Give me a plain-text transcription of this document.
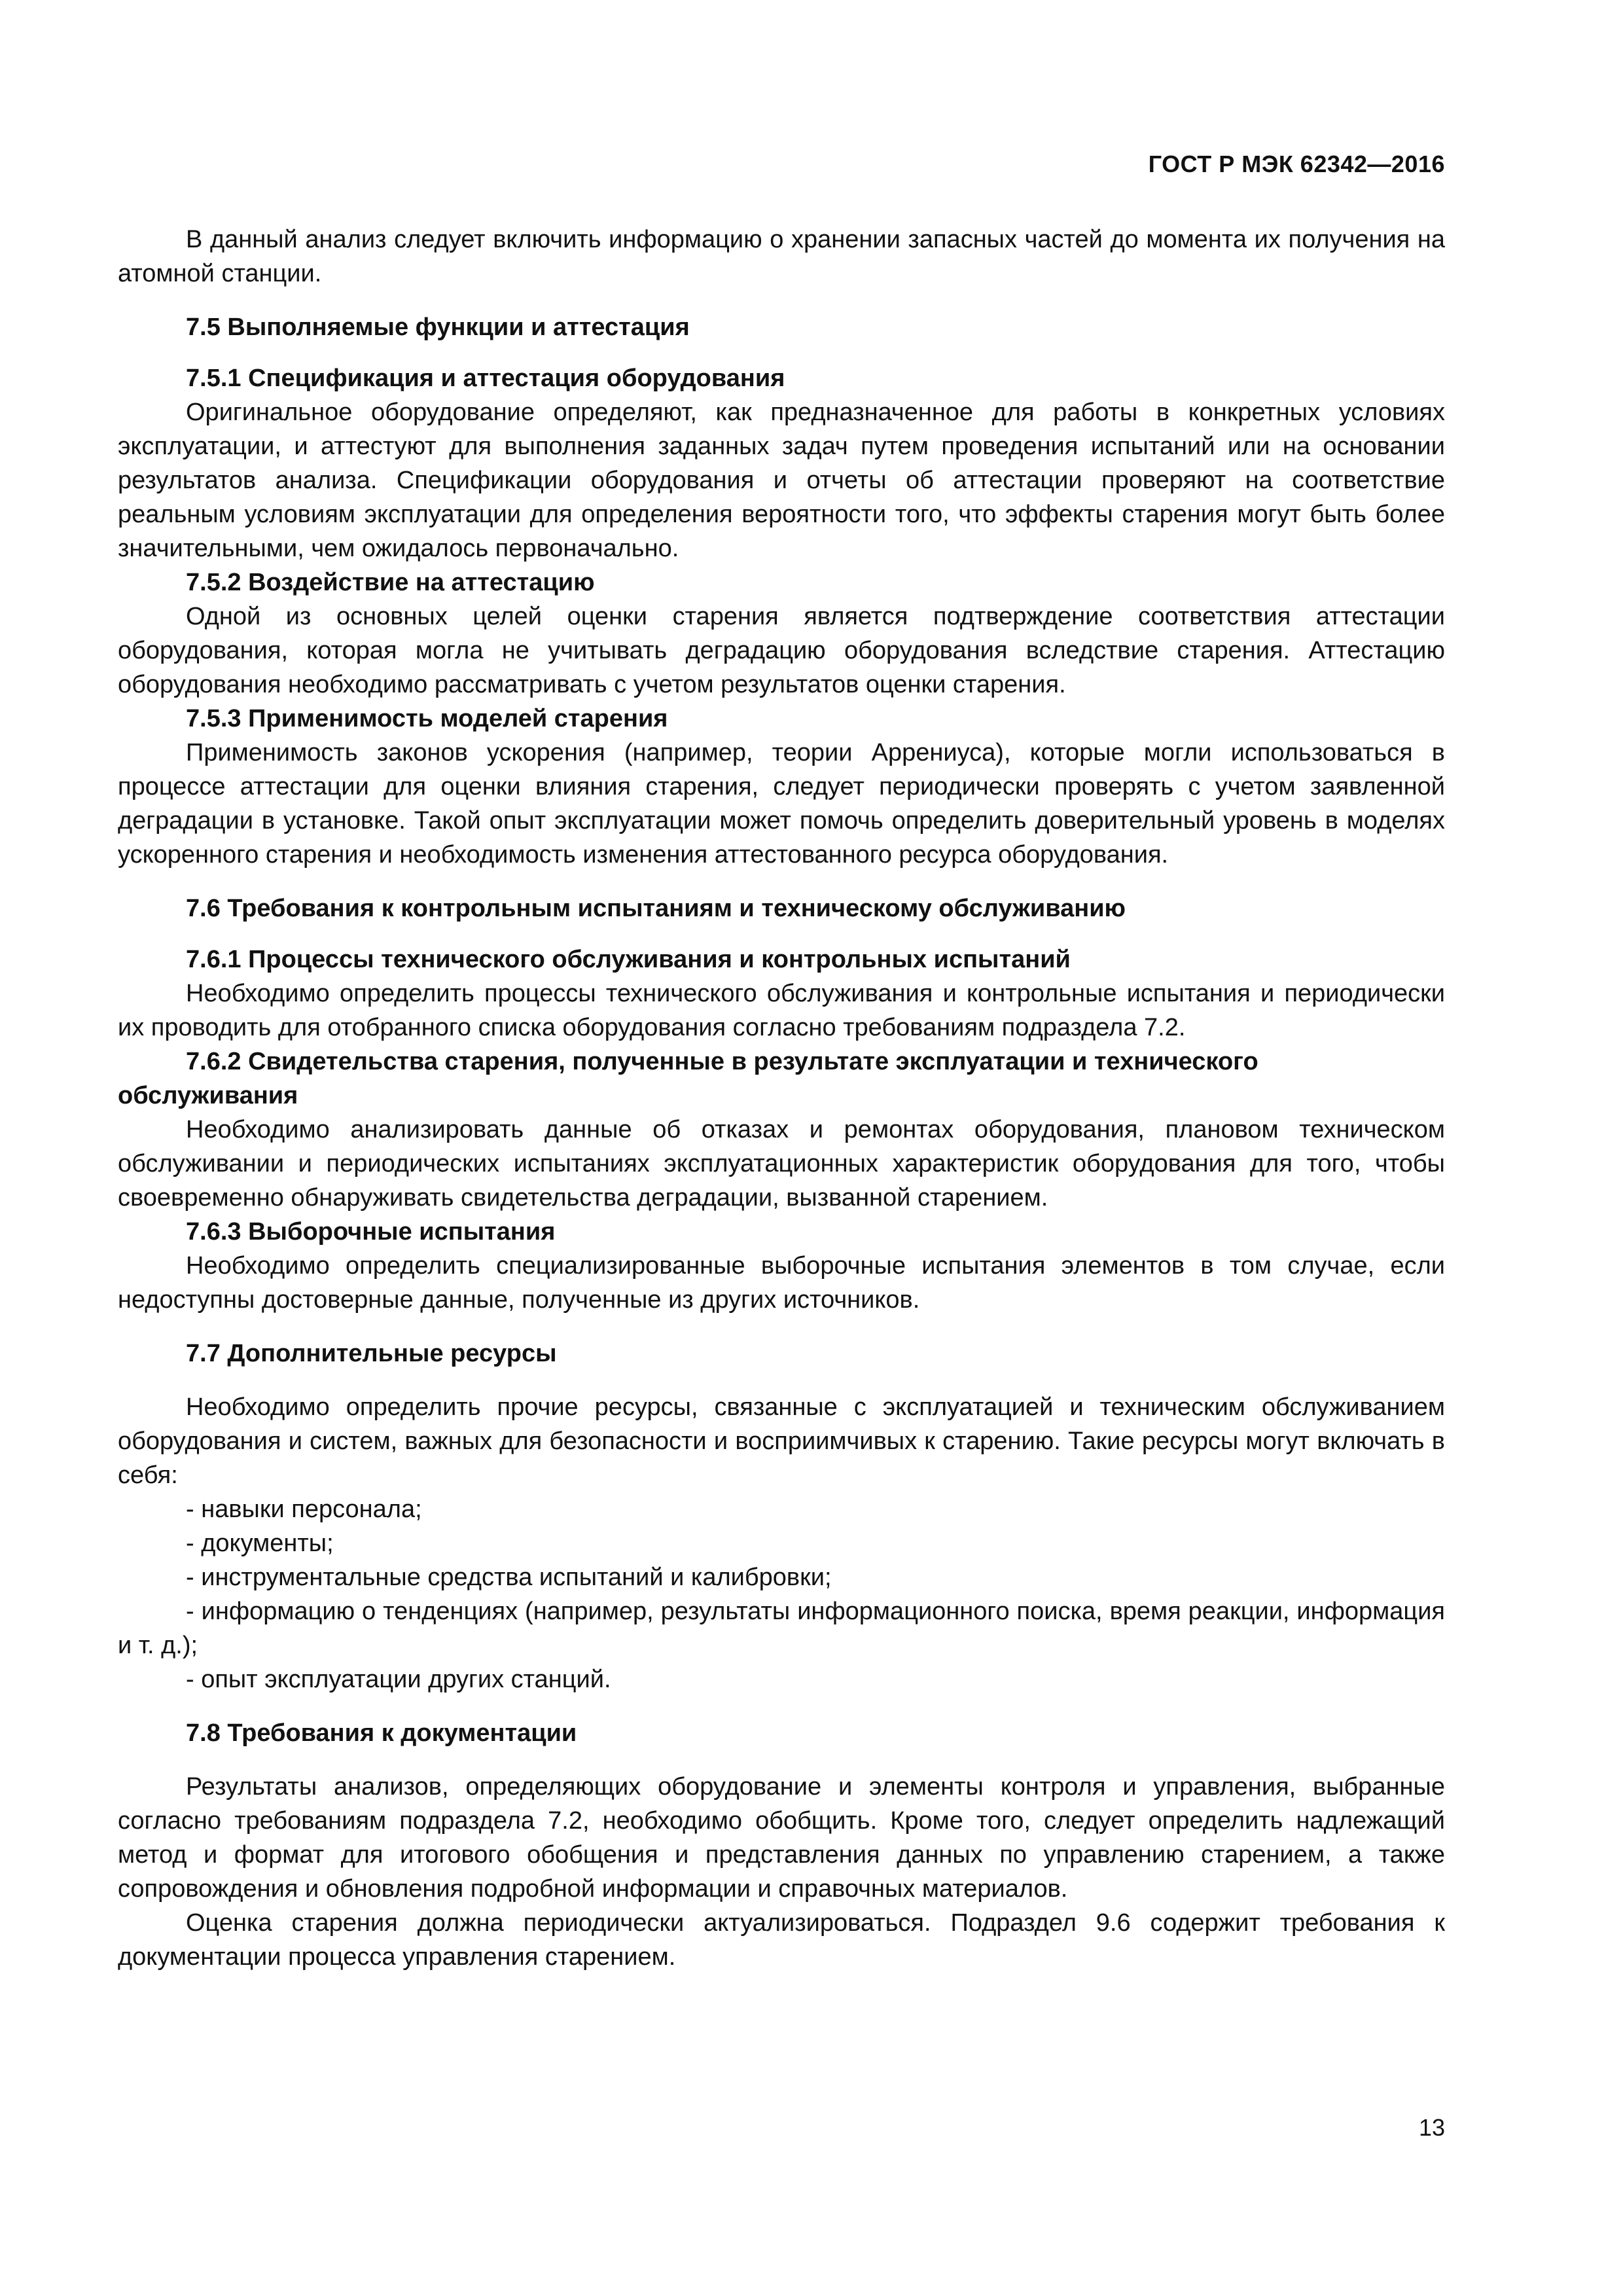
ГОСТ Р МЭК 62342—2016

В данный анализ следует включить информацию о хранении запасных частей до момента их получения на атомной станции.

7.5 Выполняемые функции и аттестация

7.5.1 Спецификация и аттестация оборудования

Оригинальное оборудование определяют, как предназначенное для работы в конкретных условиях эксплуатации, и аттестуют для выполнения заданных задач путем проведения испытаний или на основании результатов анализа. Спецификации оборудования и отчеты об аттестации проверяют на соответствие реальным условиям эксплуатации для определения вероятности того, что эффекты старения могут быть более значительными, чем ожидалось первоначально.

7.5.2 Воздействие на аттестацию

Одной из основных целей оценки старения является подтверждение соответствия аттестации оборудования, которая могла не учитывать деградацию оборудования вследствие старения. Аттестацию оборудования необходимо рассматривать с учетом результатов оценки старения.

7.5.3 Применимость моделей старения

Применимость законов ускорения (например, теории Аррениуса), которые могли использоваться в процессе аттестации для оценки влияния старения, следует периодически проверять с учетом заявленной деградации в установке. Такой опыт эксплуатации может помочь определить доверительный уровень в моделях ускоренного старения и необходимость изменения аттестованного ресурса оборудования.

7.6 Требования к контрольным испытаниям и техническому обслуживанию

7.6.1 Процессы технического обслуживания и контрольных испытаний

Необходимо определить процессы технического обслуживания и контрольные испытания и периодически их проводить для отобранного списка оборудования согласно требованиям подраздела 7.2.

7.6.2 Свидетельства старения, полученные в результате эксплуатации и технического обслуживания

Необходимо анализировать данные об отказах и ремонтах оборудования, плановом техническом обслуживании и периодических испытаниях эксплуатационных характеристик оборудования для того, чтобы своевременно обнаруживать свидетельства деградации, вызванной старением.

7.6.3 Выборочные испытания

Необходимо определить специализированные выборочные испытания элементов в том случае, если недоступны достоверные данные, полученные из других источников.

7.7 Дополнительные ресурсы

Необходимо определить прочие ресурсы, связанные с эксплуатацией и техническим обслуживанием оборудования и систем, важных для безопасности и восприимчивых к старению. Такие ресурсы могут включать в себя:

- навыки персонала;

- документы;

- инструментальные средства испытаний и калибровки;

- информацию о тенденциях (например, результаты информационного поиска, время реакции, информация и т. д.);

- опыт эксплуатации других станций.

7.8 Требования к документации

Результаты анализов, определяющих оборудование и элементы контроля и управления, выбранные согласно требованиям подраздела 7.2, необходимо обобщить. Кроме того, следует определить надлежащий метод и формат для итогового обобщения и представления данных по управлению старением, а также сопровождения и обновления подробной информации и справочных материалов.

Оценка старения должна периодически актуализироваться. Подраздел 9.6 содержит требования к документации процесса управления старением.

13
